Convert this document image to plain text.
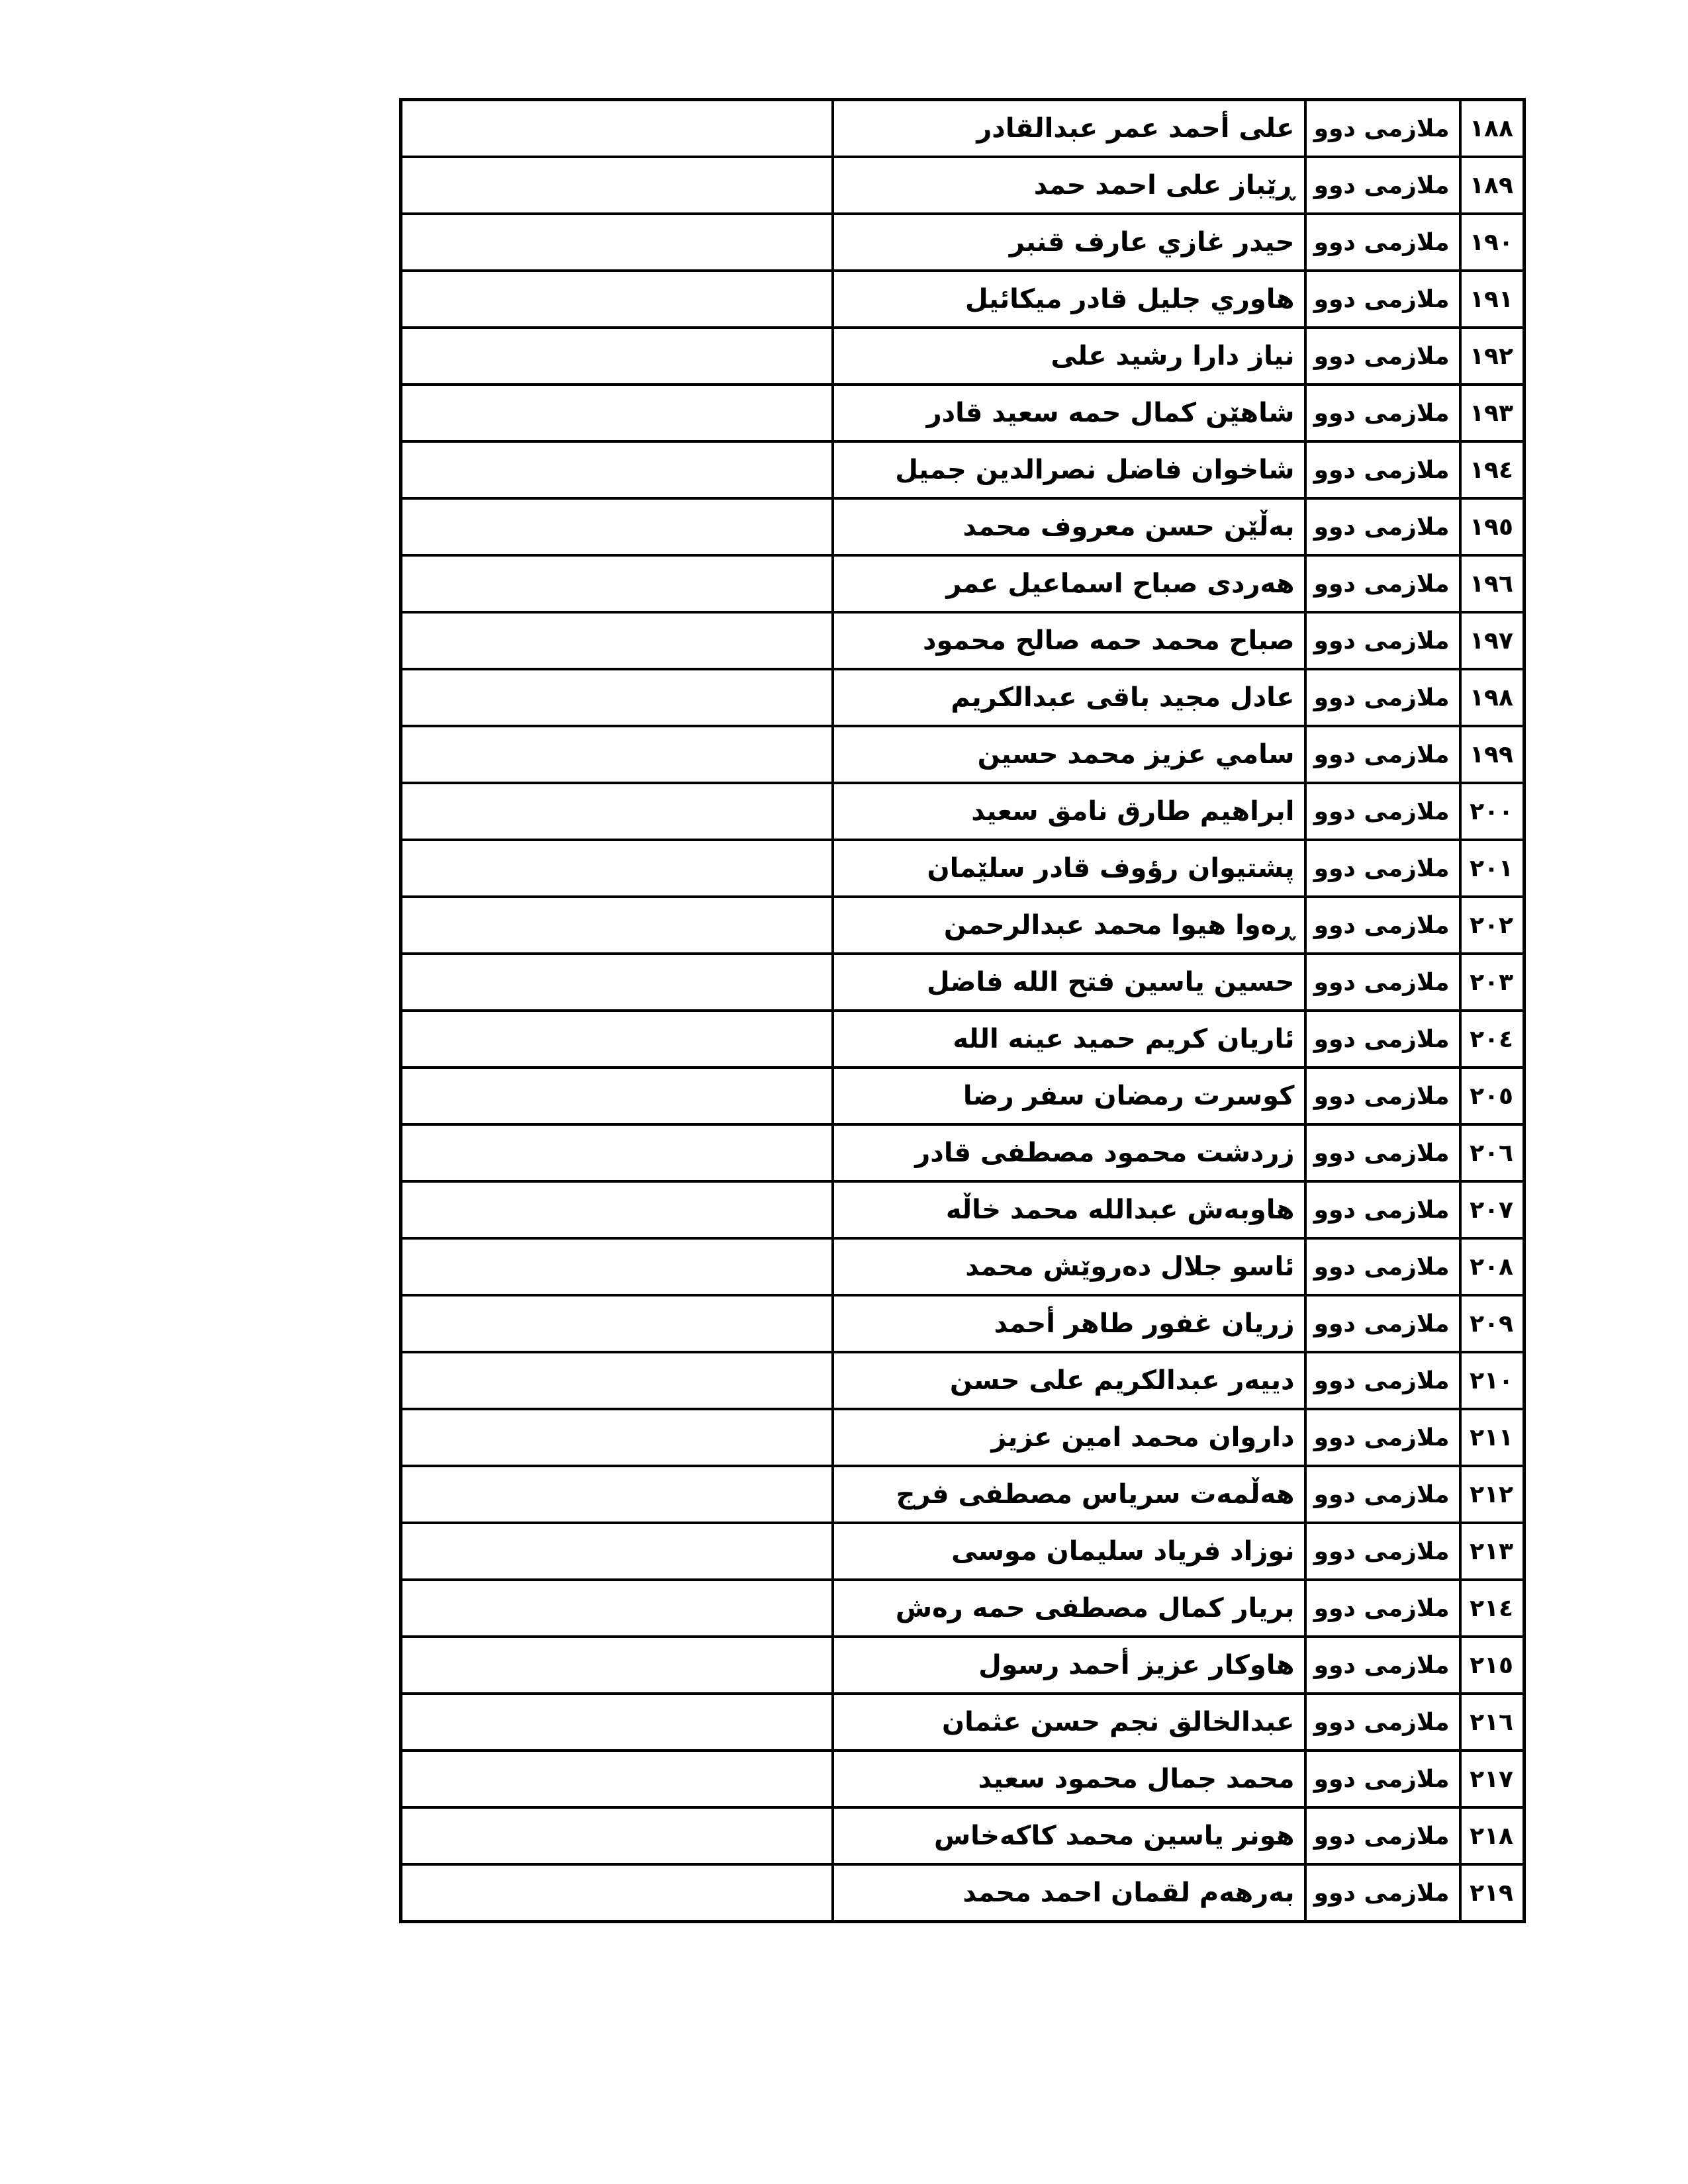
١٨٨	ملازمى دوو	على أحمد عمر عبدالقادر		
١٨٩	ملازمى دوو	ڕێباز على احمد حمد		
١٩٠	ملازمى دوو	حيدر غازي عارف قنبر		
١٩١	ملازمى دوو	هاوري جليل قادر ميكائيل		
١٩٢	ملازمى دوو	نياز دارا رشيد على		
١٩٣	ملازمى دوو	شاهێن كمال حمه سعيد قادر		
١٩٤	ملازمى دوو	شاخوان فاضل نصرالدين جميل		
١٩٥	ملازمى دوو	بەڵێن حسن معروف محمد		
١٩٦	ملازمى دوو	هەردى صباح اسماعيل عمر		
١٩٧	ملازمى دوو	صباح محمد حمه صالح محمود		
١٩٨	ملازمى دوو	عادل مجيد باقى عبدالكريم		
١٩٩	ملازمى دوو	سامي عزيز محمد حسين		
٢٠٠	ملازمى دوو	ابراهيم طارق نامق سعيد		
٢٠١	ملازمى دوو	پشتيوان رؤوف قادر سلێمان		
٢٠٢	ملازمى دوو	ڕەوا هيوا محمد عبدالرحمن		
٢٠٣	ملازمى دوو	حسين ياسين فتح الله فاضل		
٢٠٤	ملازمى دوو	ئاريان كريم حميد عينه الله		
٢٠٥	ملازمى دوو	كوسرت رمضان سفر رضا		
٢٠٦	ملازمى دوو	زردشت محمود مصطفى قادر		
٢٠٧	ملازمى دوو	هاوبەش عبدالله محمد خاڵە		
٢٠٨	ملازمى دوو	ئاسو جلال دەروێش محمد		
٢٠٩	ملازمى دوو	زريان غفور طاهر أحمد		
٢١٠	ملازمى دوو	دييەر عبدالكريم على حسن		
٢١١	ملازمى دوو	داروان محمد امين عزيز		
٢١٢	ملازمى دوو	هەڵمەت سرياس مصطفى فرج		
٢١٣	ملازمى دوو	نوزاد فرياد سليمان موسى		
٢١٤	ملازمى دوو	بريار كمال مصطفى حمه رەش		
٢١٥	ملازمى دوو	هاوكار عزيز أحمد رسول		
٢١٦	ملازمى دوو	عبدالخالق نجم حسن عثمان		
٢١٧	ملازمى دوو	محمد جمال محمود سعيد		
٢١٨	ملازمى دوو	هونر ياسين محمد كاكەخاس		
٢١٩	ملازمى دوو	بەرهەم لقمان احمد محمد		
